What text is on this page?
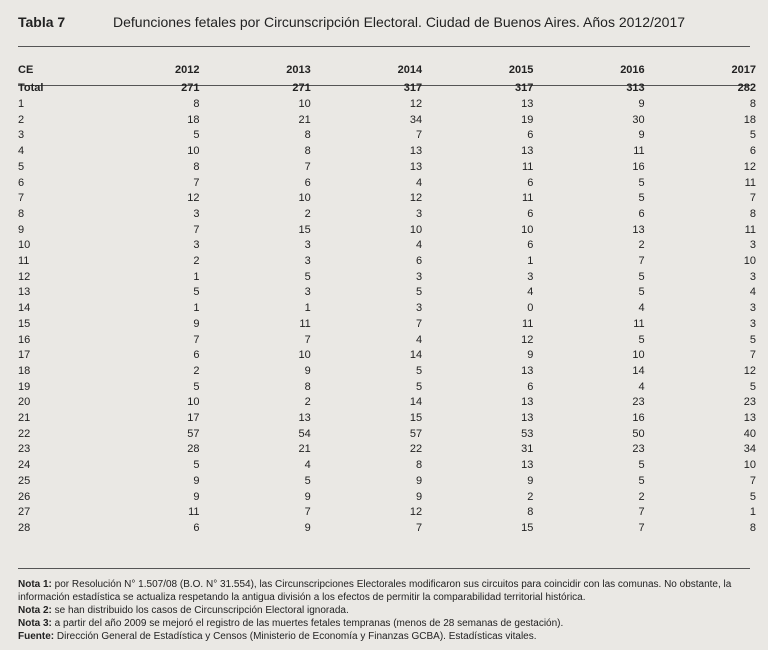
Tabla 7	Defunciones fetales por Circunscripción Electoral. Ciudad de Buenos Aires. Años 2012/2017
CE	2012	2013	2014	2015	2016	2017
Total	271	271	317	317	313	282
1	8	10	12	13	9	8
2	18	21	34	19	30	18
3	5	8	7	6	9	5
4	10	8	13	13	11	6
5	8	7	13	11	16	12
6	7	6	4	6	5	11
7	12	10	12	11	5	7
8	3	2	3	6	6	8
9	7	15	10	10	13	11
10	3	3	4	6	2	3
11	2	3	6	1	7	10
12	1	5	3	3	5	3
13	5	3	5	4	5	4
14	1	1	3	0	4	3
15	9	11	7	11	11	3
16	7	7	4	12	5	5
17	6	10	14	9	10	7
18	2	9	5	13	14	12
19	5	8	5	6	4	5
20	10	2	14	13	23	23
21	17	13	15	13	16	13
22	57	54	57	53	50	40
23	28	21	22	31	23	34
24	5	4	8	13	5	10
25	9	5	9	9	5	7
26	9	9	9	2	2	5
27	11	7	12	8	7	1
28	6	9	7	15	7	8

Nota 1: por Resolución N° 1.507/08 (B.O. N° 31.554), las Circunscripciones Electorales modificaron sus circuitos para coincidir con las comunas. No obstante, la información estadística se actualiza respetando la antigua división a los efectos de permitir la comparabilidad territorial histórica.

Nota 2: se han distribuido los casos de Circunscripción Electoral ignorada.

Nota 3: a partir del año 2009 se mejoró el registro de las muertes fetales tempranas (menos de 28 semanas de gestación).

Fuente: Dirección General de Estadística y Censos (Ministerio de Economía y Finanzas GCBA). Estadísticas vitales.
